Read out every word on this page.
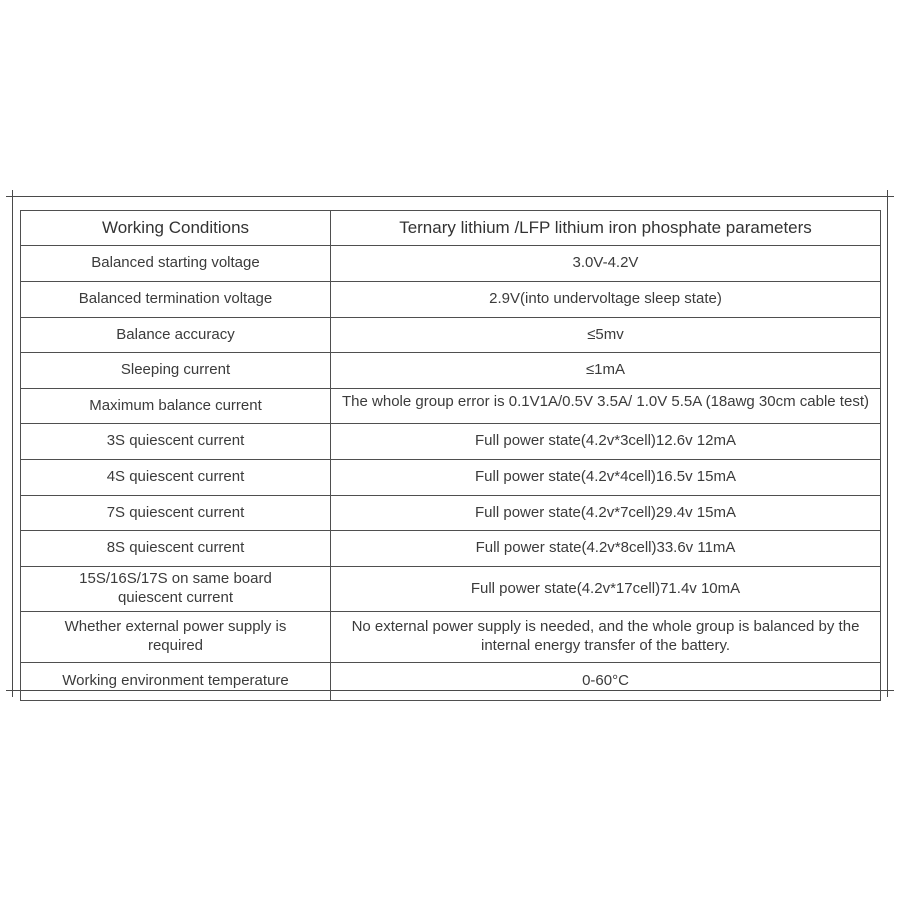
Working Conditions	Ternary lithium /LFP lithium iron phosphate parameters

Balanced starting voltage	3.0V-4.2V

Balanced termination voltage	2.9V(into undervoltage sleep state)

Balance accuracy	≤5mv

Sleeping current	≤1mA

Maximum balance current	The whole group error is 0.1V1A/0.5V 3.5A/ 1.0V 5.5A (18awg 30cm cable test)

3S quiescent current	Full power state(4.2v*3cell)12.6v 12mA

4S quiescent current	Full power state(4.2v*4cell)16.5v 15mA

7S quiescent current	Full power state(4.2v*7cell)29.4v 15mA

8S quiescent current	Full power state(4.2v*8cell)33.6v 11mA

15S/16S/17S on same board quiescent current	Full power state(4.2v*17cell)71.4v 10mA

Whether external power supply is required	No external power supply is needed, and the whole group is balanced by the internal energy transfer of the battery.

Working environment temperature	0-60°C
